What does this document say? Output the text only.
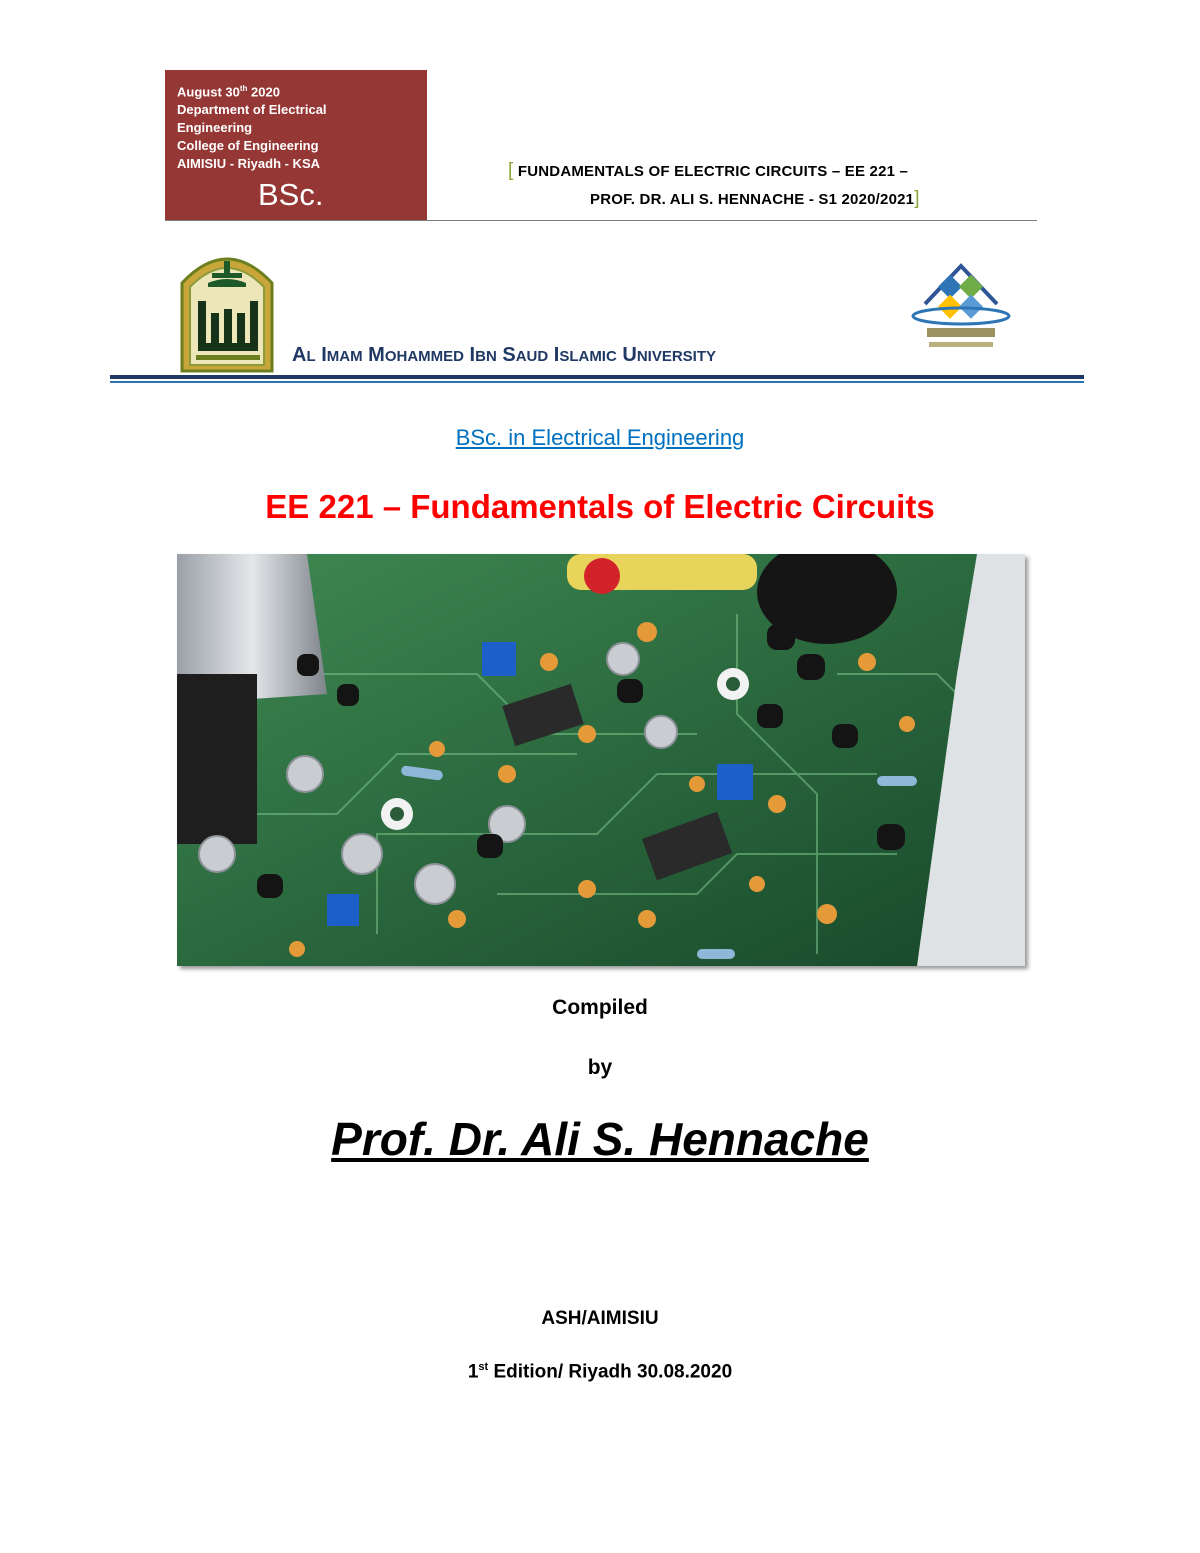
August 30th 2020
Department of Electrical
Engineering
College of Engineering
AIMISIU - Riyadh - KSA
BSc.
[ FUNDAMENTALS OF ELECTRIC CIRCUITS – EE 221 –
PROF. DR. ALI S. HENNACHE - S1 2020/2021]
AL IMAM MOHAMMED IBN SAUD ISLAMIC UNIVERSITY
BSc. in Electrical Engineering
EE 221 – Fundamentals of Electric Circuits
Compiled
by
Prof. Dr. Ali S. Hennache
ASH/AIMISIU
1st Edition/ Riyadh 30.08.2020
